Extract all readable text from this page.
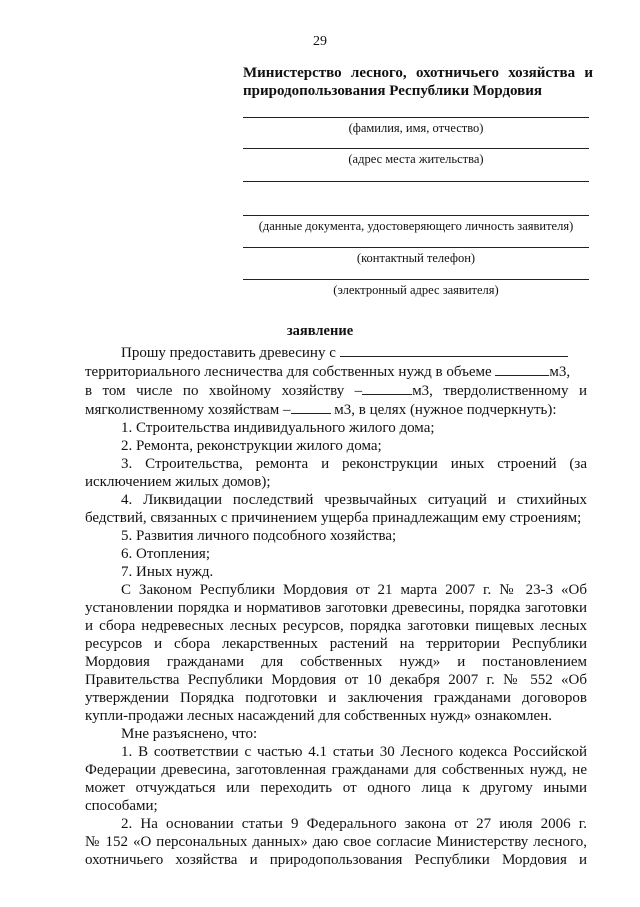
29
Министерство лесного, охотничьего хозяйства и
природопользования Республики Мордовия
(фамилия, имя, отчество)
(адрес места жительства)
(данные документа, удостоверяющего личность заявителя)
(контактный телефон)
(электронный адрес заявителя)
заявление
Прошу предоставить древесину с
территориального лесничества для собственных нужд в объеме	м3,
в том числе по хвойному хозяйству –	м3, твердолиственному и
мягколиственному хозяйствам –	м3, в целях (нужное подчеркнуть):
1. Строительства индивидуального жилого дома;
2. Ремонта, реконструкции жилого дома;
3. Строительства, ремонта и реконструкции иных строений (за
исключением жилых домов);
4. Ликвидации последствий чрезвычайных ситуаций и стихийных
бедствий, связанных с причинением ущерба принадлежащим ему строениям;
5. Развития личного подсобного хозяйства;
6. Отопления;
7. Иных нужд.
С Законом Республики Мордовия от 21 марта 2007 г. № 23-З «Об
установлении порядка и нормативов заготовки древесины, порядка заготовки
и сбора недревесных лесных ресурсов, порядка заготовки пищевых лесных
ресурсов и сбора лекарственных растений на территории Республики
Мордовия гражданами для собственных нужд» и постановлением
Правительства Республики Мордовия от 10 декабря 2007 г. № 552 «Об
утверждении Порядка подготовки и заключения гражданами договоров
купли-продажи лесных насаждений для собственных нужд» ознакомлен.
Мне разъяснено, что:
1. В соответствии с частью 4.1 статьи 30 Лесного кодекса Российской
Федерации древесина, заготовленная гражданами для собственных нужд, не
может отчуждаться или переходить от одного лица к другому иными
способами;
2. На основании статьи 9 Федерального закона от 27 июля 2006 г.
№ 152 «О персональных данных» даю свое согласие Министерству лесного,
охотничьего хозяйства и природопользования Республики Мордовия и
